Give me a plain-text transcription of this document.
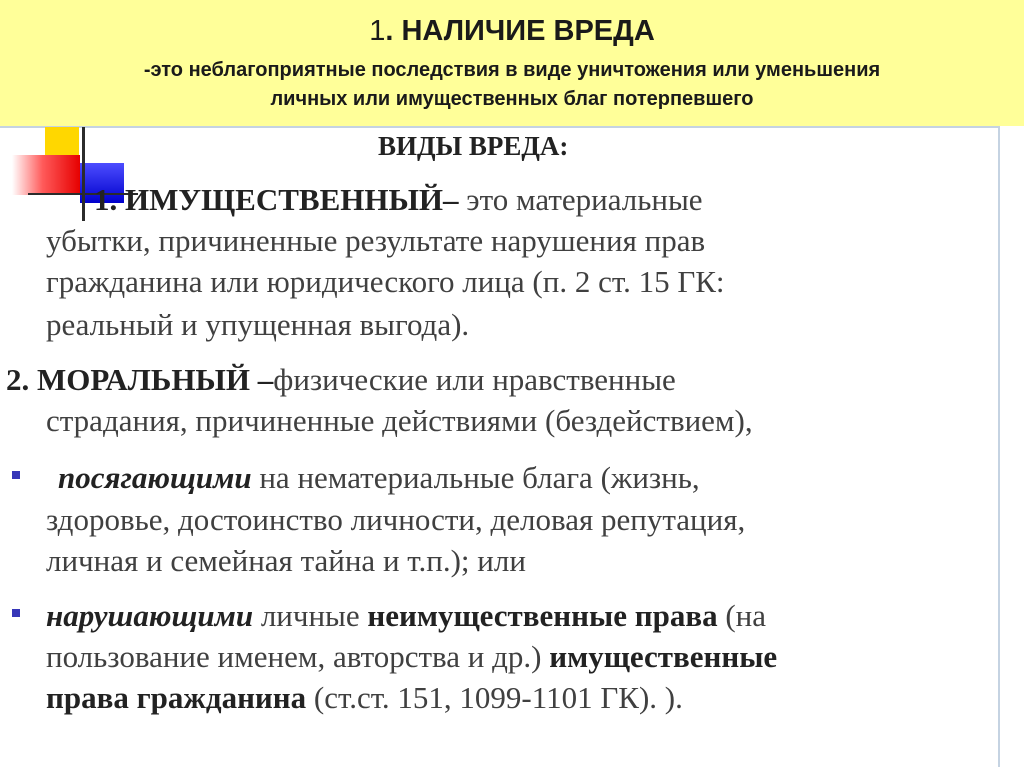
1. НАЛИЧИЕ ВРЕДА
-это неблагоприятные последствия в виде уничтожения или уменьшения
личных или имущественных благ потерпевшего
ВИДЫ ВРЕДА:
1. ИМУЩЕСТВЕННЫЙ– это материальные
убытки, причиненные результате нарушения прав
гражданина или юридического лица (п. 2 ст. 15 ГК:
реальный и упущенная выгода).
2. МОРАЛЬНЫЙ –физические или нравственные
страдания, причиненные действиями (бездействием),
посягающими на нематериальные блага (жизнь,
здоровье, достоинство личности, деловая репутация,
личная и семейная тайна и т.п.); или
нарушающими личные неимущественные права (на
пользование именем, авторства и др.) имущественные
права гражданина (ст.ст. 151, 1099-1101 ГК). ).
